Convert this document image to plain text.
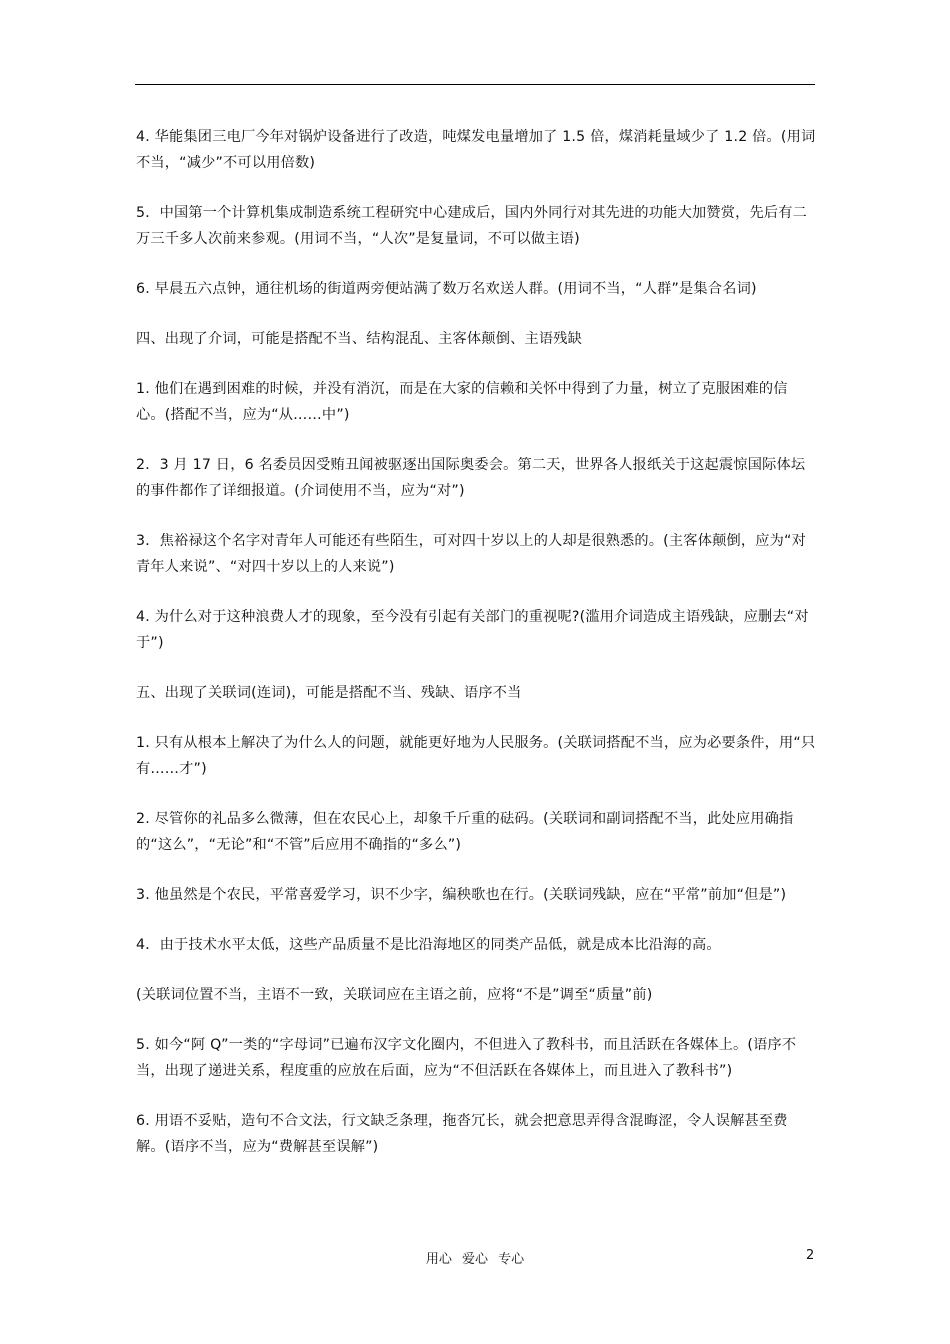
4. 华能集团三电厂今年对锅炉设备进行了改造，吨煤发电量增加了 1.5 倍，煤消耗量域少了 1.2 倍。(用词不当，“减少”不可以用倍数)

5．中国第一个计算机集成制造系统工程研究中心建成后，国内外同行对其先进的功能大加赞赏，先后有二万三千多人次前来参观。(用词不当，“人次”是复量词，不可以做主语)

6. 早晨五六点钟，通往机场的街道两旁便站满了数万名欢送人群。(用词不当，“人群”是集合名词)

四、出现了介词，可能是搭配不当、结构混乱、主客体颠倒、主语残缺

1. 他们在遇到困难的时候，并没有消沉，而是在大家的信赖和关怀中得到了力量，树立了克服困难的信心。(搭配不当，应为“从……中”)

2．3 月 17 日，6 名委员因受贿丑闻被驱逐出国际奥委会。第二天，世界各人报纸关于这起震惊国际体坛的事件都作了详细报道。(介词使用不当，应为“对”)

3．焦裕禄这个名字对青年人可能还有些陌生，可对四十岁以上的人却是很熟悉的。(主客体颠倒，应为“对青年人来说”、“对四十岁以上的人来说”)

4. 为什么对于这种浪费人才的现象，至今没有引起有关部门的重视呢?(滥用介词造成主语残缺，应删去“对于”)

五、出现了关联词(连词)，可能是搭配不当、残缺、语序不当

1. 只有从根本上解决了为什么人的问题，就能更好地为人民服务。(关联词搭配不当，应为必要条件，用“只有……才”)

2. 尽管你的礼品多么微薄，但在农民心上，却象千斤重的砝码。(关联词和副词搭配不当，此处应用确指的“这么”，“无论”和“不管”后应用不确指的“多么”)

3. 他虽然是个农民，平常喜爱学习，识不少字，编秧歌也在行。(关联词残缺，应在“平常”前加“但是”)

4．由于技术水平太低，这些产品质量不是比沿海地区的同类产品低，就是成本比沿海的高。

(关联词位置不当，主语不一致，关联词应在主语之前，应将“不是”调至“质量”前)

5. 如今“阿 Q”一类的“字母词”已遍布汉字文化圈内，不但进入了教科书，而且活跃在各媒体上。(语序不当，出现了递进关系，程度重的应放在后面，应为“不但活跃在各媒体上，而且进入了教科书”)

6. 用语不妥贴，造句不合文法，行文缺乏条理，拖沓冗长，就会把意思弄得含混晦涩，令人误解甚至费解。(语序不当，应为“费解甚至误解”)

用心 爱心 专心	2
